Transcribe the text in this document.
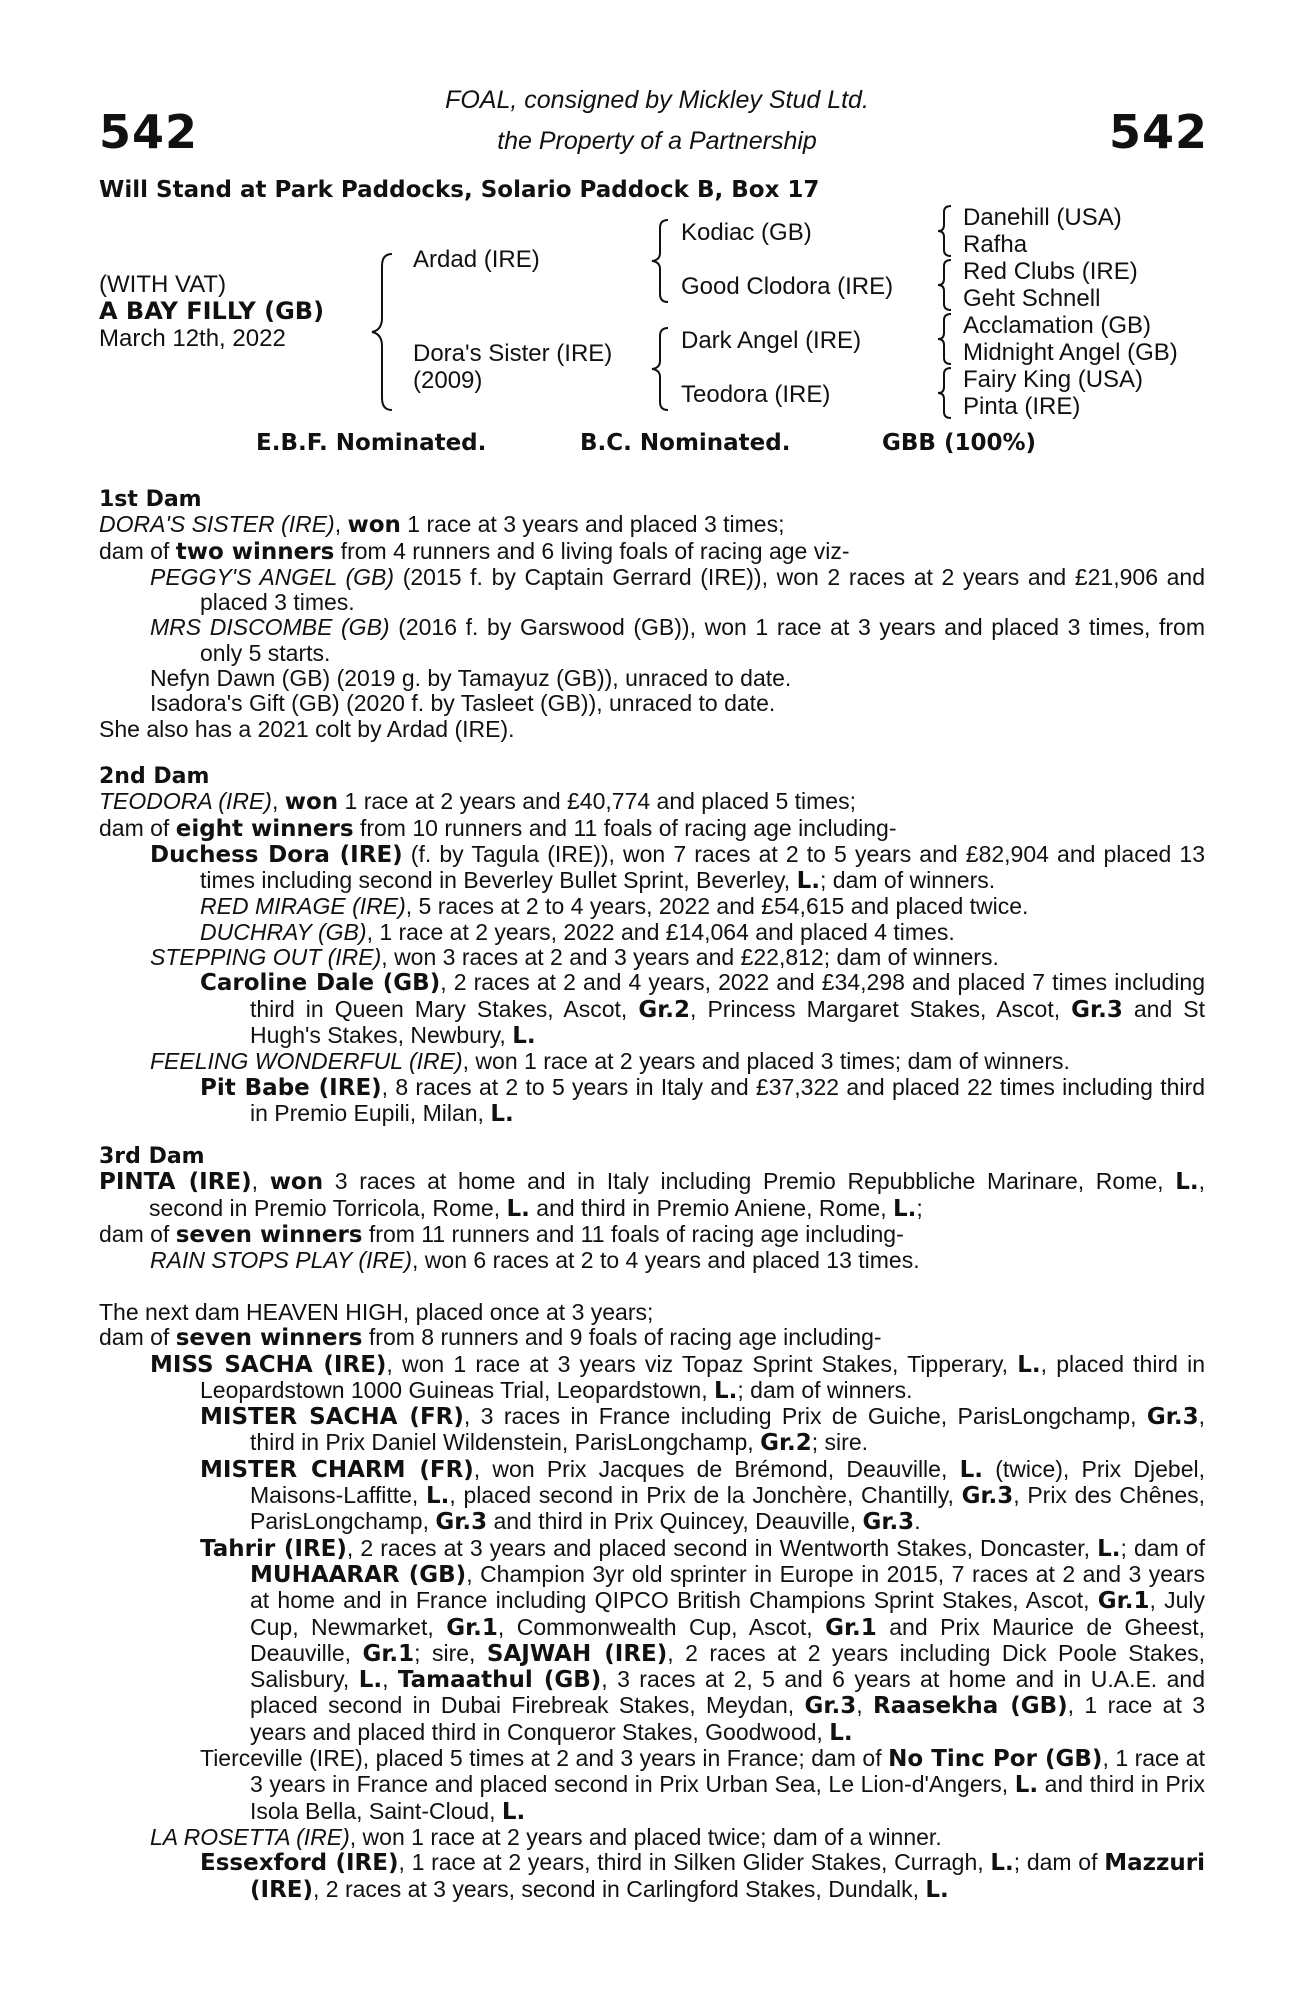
542	542
FOAL, consigned by Mickley Stud Ltd.
the Property of a Partnership
Will Stand at Park Paddocks, Solario Paddock B, Box 17
(WITH VAT)
A BAY FILLY (GB)
March 12th, 2022
Ardad (IRE)
Dora's Sister (IRE)
(2009)
Kodiac (GB)
Good Clodora (IRE)
Dark Angel (IRE)
Teodora (IRE)
Danehill (USA)
Rafha
Red Clubs (IRE)
Geht Schnell
Acclamation (GB)
Midnight Angel (GB)
Fairy King (USA)
Pinta (IRE)
E.B.F. Nominated.	B.C. Nominated.	GBB (100%)

1st Dam

DORA'S SISTER (IRE), won 1 race at 3 years and placed 3 times;

dam of two winners from 4 runners and 6 living foals of racing age viz-

PEGGY'S ANGEL (GB) (2015 f. by Captain Gerrard (IRE)), won 2 races at 2 years and £21,906 and placed 3 times.

MRS DISCOMBE (GB) (2016 f. by Garswood (GB)), won 1 race at 3 years and placed 3 times, from only 5 starts.

Nefyn Dawn (GB) (2019 g. by Tamayuz (GB)), unraced to date.

Isadora's Gift (GB) (2020 f. by Tasleet (GB)), unraced to date.

She also has a 2021 colt by Ardad (IRE).

2nd Dam

TEODORA (IRE), won 1 race at 2 years and £40,774 and placed 5 times;

dam of eight winners from 10 runners and 11 foals of racing age including-

Duchess Dora (IRE) (f. by Tagula (IRE)), won 7 races at 2 to 5 years and £82,904 and placed 13 times including second in Beverley Bullet Sprint, Beverley, L.; dam of winners.

RED MIRAGE (IRE), 5 races at 2 to 4 years, 2022 and £54,615 and placed twice.

DUCHRAY (GB), 1 race at 2 years, 2022 and £14,064 and placed 4 times.

STEPPING OUT (IRE), won 3 races at 2 and 3 years and £22,812; dam of winners.

Caroline Dale (GB), 2 races at 2 and 4 years, 2022 and £34,298 and placed 7 times including third in Queen Mary Stakes, Ascot, Gr.2, Princess Margaret Stakes, Ascot, Gr.3 and St Hugh's Stakes, Newbury, L.

FEELING WONDERFUL (IRE), won 1 race at 2 years and placed 3 times; dam of winners.

Pit Babe (IRE), 8 races at 2 to 5 years in Italy and £37,322 and placed 22 times including third in Premio Eupili, Milan, L.

3rd Dam

PINTA (IRE), won 3 races at home and in Italy including Premio Repubbliche Marinare, Rome, L., second in Premio Torricola, Rome, L. and third in Premio Aniene, Rome, L.;

dam of seven winners from 11 runners and 11 foals of racing age including-

RAIN STOPS PLAY (IRE), won 6 races at 2 to 4 years and placed 13 times.

The next dam HEAVEN HIGH, placed once at 3 years;

dam of seven winners from 8 runners and 9 foals of racing age including-

MISS SACHA (IRE), won 1 race at 3 years viz Topaz Sprint Stakes, Tipperary, L., placed third in Leopardstown 1000 Guineas Trial, Leopardstown, L.; dam of winners.

MISTER SACHA (FR), 3 races in France including Prix de Guiche, ParisLongchamp, Gr.3, third in Prix Daniel Wildenstein, ParisLongchamp, Gr.2; sire.

MISTER CHARM (FR), won Prix Jacques de Brémond, Deauville, L. (twice), Prix Djebel, Maisons-Laffitte, L., placed second in Prix de la Jonchère, Chantilly, Gr.3, Prix des Chênes, ParisLongchamp, Gr.3 and third in Prix Quincey, Deauville, Gr.3.

Tahrir (IRE), 2 races at 3 years and placed second in Wentworth Stakes, Doncaster, L.; dam of MUHAARAR (GB), Champion 3yr old sprinter in Europe in 2015, 7 races at 2 and 3 years at home and in France including QIPCO British Champions Sprint Stakes, Ascot, Gr.1, July Cup, Newmarket, Gr.1, Commonwealth Cup, Ascot, Gr.1 and Prix Maurice de Gheest, Deauville, Gr.1; sire, SAJWAH (IRE), 2 races at 2 years including Dick Poole Stakes, Salisbury, L., Tamaathul (GB), 3 races at 2, 5 and 6 years at home and in U.A.E. and placed second in Dubai Firebreak Stakes, Meydan, Gr.3, Raasekha (GB), 1 race at 3 years and placed third in Conqueror Stakes, Goodwood, L.

Tierceville (IRE), placed 5 times at 2 and 3 years in France; dam of No Tinc Por (GB), 1 race at 3 years in France and placed second in Prix Urban Sea, Le Lion-d'Angers, L. and third in Prix Isola Bella, Saint-Cloud, L.

LA ROSETTA (IRE), won 1 race at 2 years and placed twice; dam of a winner.

Essexford (IRE), 1 race at 2 years, third in Silken Glider Stakes, Curragh, L.; dam of Mazzuri (IRE), 2 races at 3 years, second in Carlingford Stakes, Dundalk, L.
